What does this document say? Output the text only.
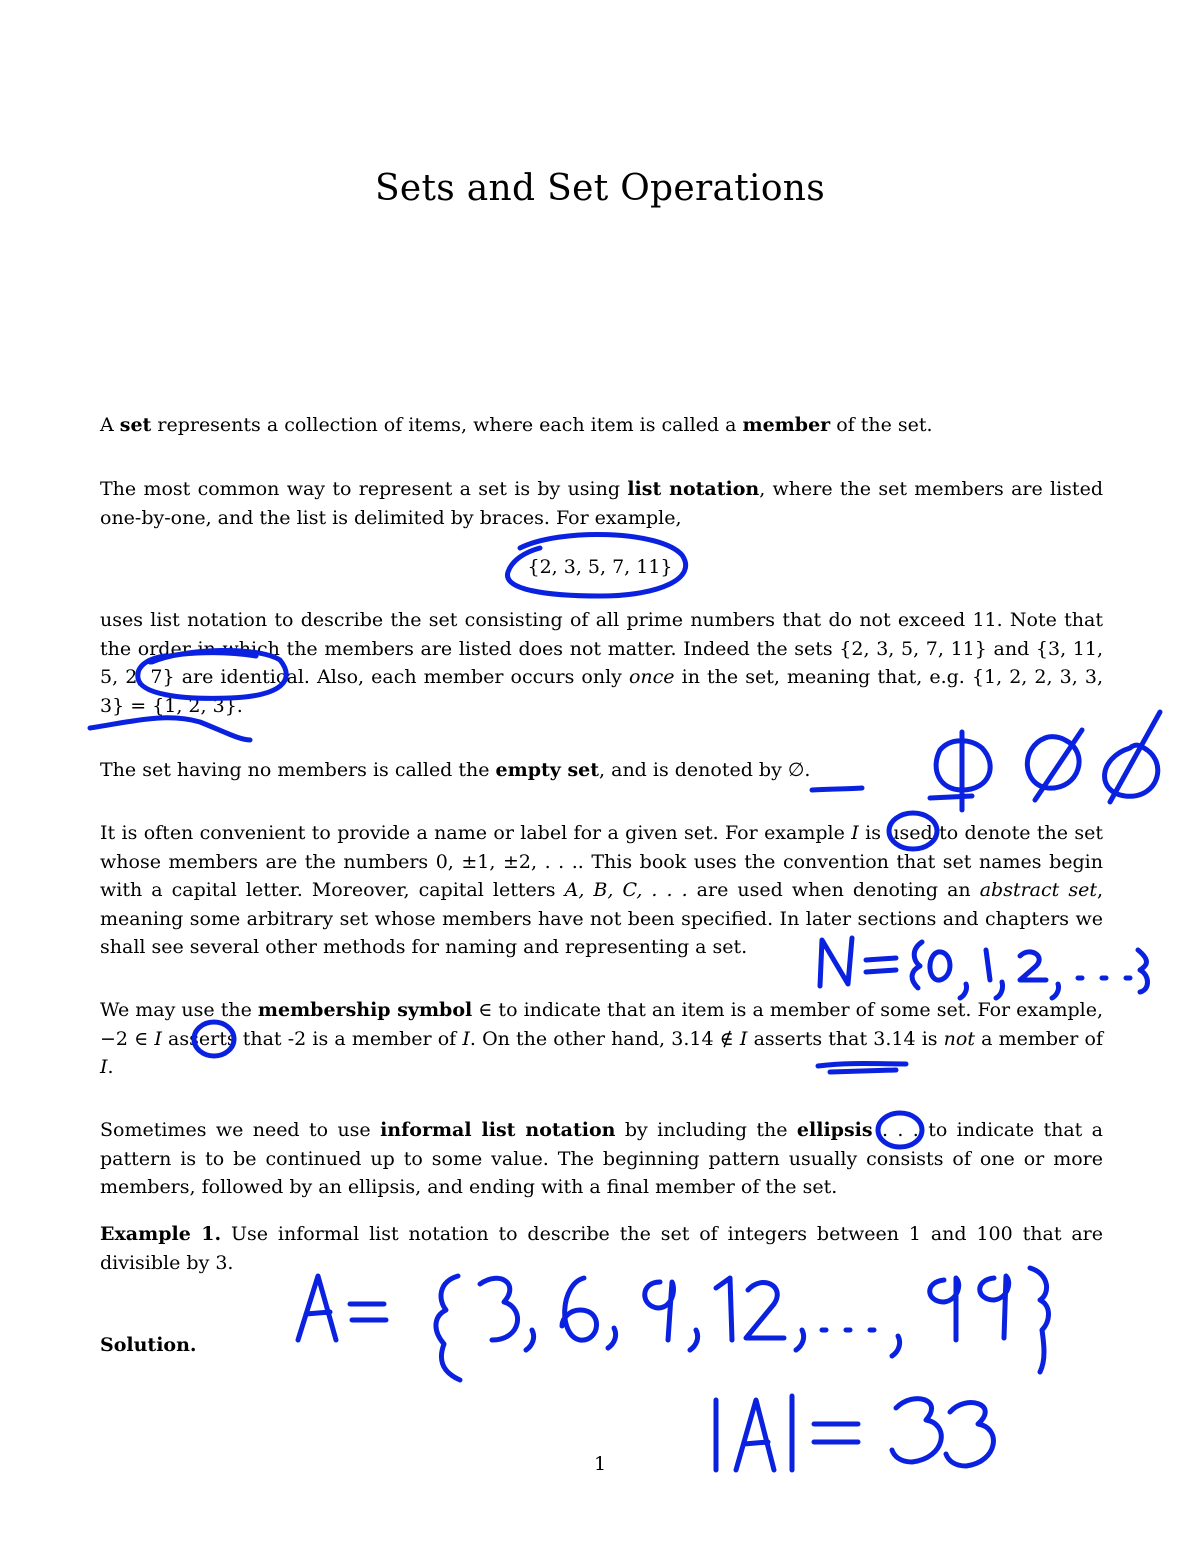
Sets and Set Operations

A set represents a collection of items, where each item is called a member of the set.

The most common way to represent a set is by using list notation, where the set members are listed one-by-one, and the list is delimited by braces. For example,

{2, 3, 5, 7, 11}

uses list notation to describe the set consisting of all prime numbers that do not exceed 11. Note that the order in which the members are listed does not matter. Indeed the sets {2, 3, 5, 7, 11} and {3, 11, 5, 2, 7} are identical. Also, each member occurs only once in the set, meaning that, e.g. {1, 2, 2, 3, 3, 3} = {1, 2, 3}.

The set having no members is called the empty set, and is denoted by ∅.

It is often convenient to provide a name or label for a given set. For example I is used to denote the set whose members are the numbers 0, ±1, ±2, . . .. This book uses the convention that set names begin with a capital letter. Moreover, capital letters A, B, C, . . . are used when denoting an abstract set, meaning some arbitrary set whose members have not been specified. In later sections and chapters we shall see several other methods for naming and representing a set.

We may use the membership symbol ∈ to indicate that an item is a member of some set. For example, −2 ∈ I asserts that -2 is a member of I. On the other hand, 3.14 ∉ I asserts that 3.14 is not a member of I.

Sometimes we need to use informal list notation by including the ellipsis . . . to indicate that a pattern is to be continued up to some value. The beginning pattern usually consists of one or more members, followed by an ellipsis, and ending with a final member of the set.

Example 1. Use informal list notation to describe the set of integers between 1 and 100 that are divisible by 3.

Solution.

1
